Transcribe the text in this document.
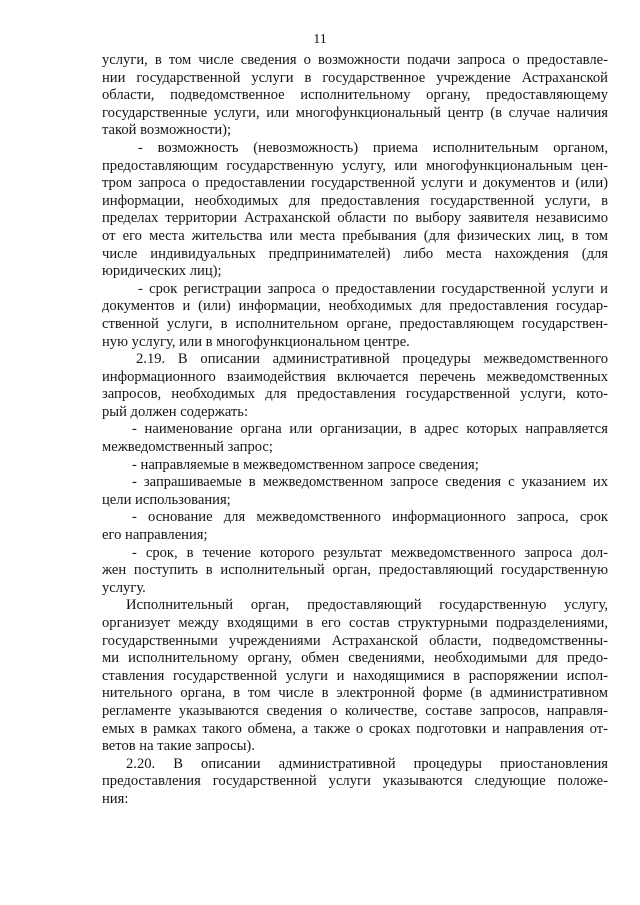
11
услуги, в том числе сведения о возможности подачи запроса о предоставле-
нии государственной услуги в государственное учреждение Астраханской
области, подведомственное исполнительному органу, предоставляющему
государственные услуги, или многофункциональный центр (в случае наличия
такой возможности);
- возможность (невозможность) приема исполнительным органом,
предоставляющим государственную услугу, или многофункциональным цен-
тром запроса о предоставлении государственной услуги и документов и (или)
информации, необходимых для предоставления государственной услуги, в
пределах территории Астраханской области по выбору заявителя независимо
от его места жительства или места пребывания (для физических лиц, в том
числе индивидуальных предпринимателей) либо места нахождения (для
юридических лиц);
- срок регистрации запроса о предоставлении государственной услуги и
документов и (или) информации, необходимых для предоставления государ-
ственной услуги, в исполнительном органе, предоставляющем государствен-
ную услугу, или в многофункциональном центре.
2.19. В описании административной процедуры межведомственного
информационного взаимодействия включается перечень межведомственных
запросов, необходимых для предоставления государственной услуги, кото-
рый должен содержать:
- наименование органа или организации, в адрес которых направляется
межведомственный запрос;
- направляемые в межведомственном запросе сведения;
- запрашиваемые в межведомственном запросе сведения с указанием их
цели использования;
- основание для межведомственного информационного запроса, срок
его направления;
- срок, в течение которого результат межведомственного запроса дол-
жен поступить в исполнительный орган, предоставляющий государственную
услугу.
Исполнительный орган, предоставляющий государственную услугу,
организует между входящими в его состав структурными подразделениями,
государственными учреждениями Астраханской области, подведомственны-
ми исполнительному органу, обмен сведениями, необходимыми для предо-
ставления государственной услуги и находящимися в распоряжении испол-
нительного органа, в том числе в электронной форме (в административном
регламенте указываются сведения о количестве, составе запросов, направля-
емых в рамках такого обмена, а также о сроках подготовки и направления от-
ветов на такие запросы).
2.20. В описании административной процедуры приостановления
предоставления государственной услуги указываются следующие положе-
ния:
